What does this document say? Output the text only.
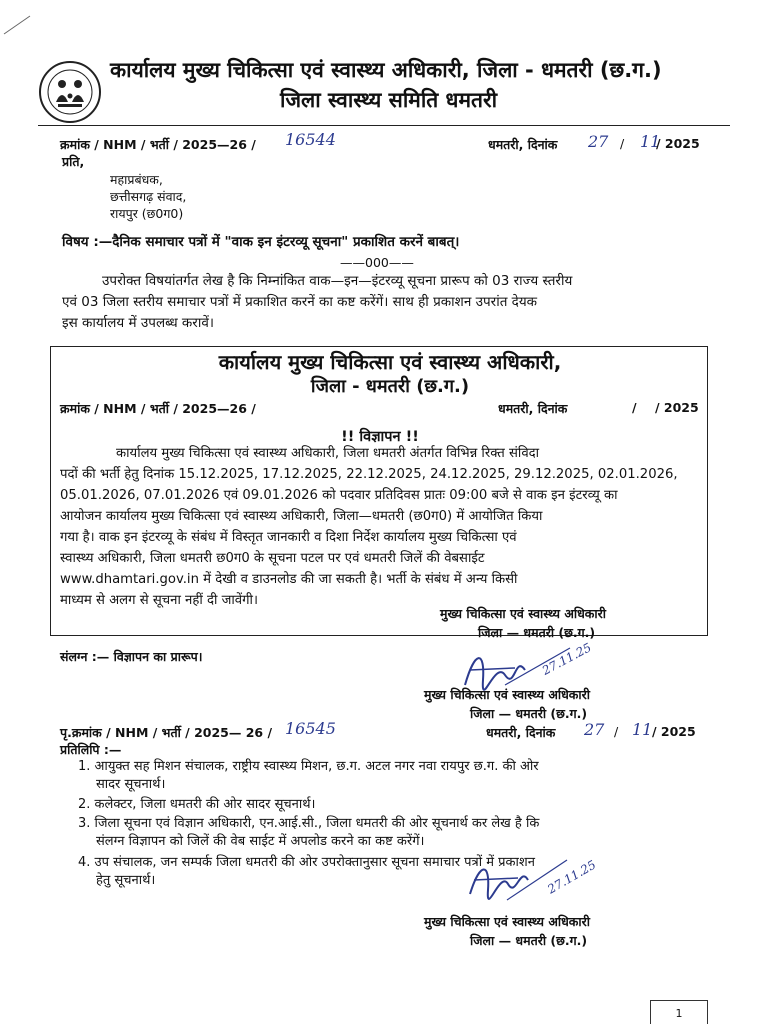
कार्यालय मुख्य चिकित्सा एवं स्वास्थ्य अधिकारी, जिला - धमतरी (छ.ग.)
जिला स्वास्थ्य समिति धमतरी
क्रमांक / NHM / भर्ती / 2025—26 / 16544	धमतरी, दिनांक 27 / 11
/ 2025
प्रति,
महाप्रबंधक,
छत्तीसगढ़ संवाद,
रायपुर (छ0ग0)
विषय :—दैनिक समाचार पत्रों में "वाक इन इंटरव्यू सूचना" प्रकाशित करनें बाबत्।
——000——

उपरोक्त विषयांतर्गत लेख है कि निम्नांकित वाक—इन—इंटरव्यू सूचना प्रारूप को 03 राज्य स्तरीय

एवं 03 जिला स्तरीय समाचार पत्रों में प्रकाशित करनें का कष्ट करेंगें। साथ ही प्रकाशन उपरांत देयक

इस कार्यालय में उपलब्ध करावें।

कार्यालय मुख्य चिकित्सा एवं स्वास्थ्य अधिकारी,
जिला - धमतरी (छ.ग.)
क्रमांक / NHM / भर्ती / 2025—26 /	धमतरी, दिनांक	/ / 2025
!! विज्ञापन !!

कार्यालय मुख्य चिकित्सा एवं स्वास्थ्य अधिकारी, जिला धमतरी अंतर्गत विभिन्न रिक्त संविदा

पदों की भर्ती हेतु दिनांक 15.12.2025, 17.12.2025, 22.12.2025, 24.12.2025, 29.12.2025, 02.01.2026,

05.01.2026, 07.01.2026 एवं 09.01.2026 को पदवार प्रतिदिवस प्रातः 09:00 बजे से वाक इन इंटरव्यू का

आयोजन कार्यालय मुख्य चिकित्सा एवं स्वास्थ्य अधिकारी, जिला—धमतरी (छ0ग0) में आयोजित किया

गया है। वाक इन इंटरव्यू के संबंध में विस्तृत जानकारी व दिशा निर्देश कार्यालय मुख्य चिकित्सा एवं

स्वास्थ्य अधिकारी, जिला धमतरी छ0ग0 के सूचना पटल पर एवं धमतरी जिलें की वेबसाईट

www.dhamtari.gov.in में देखी व डाउनलोड की जा सकती है। भर्ती के संबंध में अन्य किसी

माध्यम से अलग से सूचना नहीं दी जावेंगी।

मुख्य चिकित्सा एवं स्वास्थ्य अधिकारी
जिला — धमतरी (छ.ग.)
संलग्न :— विज्ञापन का प्रारूप।	27.11.25
मुख्य चिकित्सा एवं स्वास्थ्य अधिकारी
जिला — धमतरी (छ.ग.)
पृ.क्रमांक / NHM / भर्ती / 2025— 26 / 16545	धमतरी, दिनांक 27 / 11 / 2025
प्रतिलिपि :—
1. आयुक्त सह मिशन संचालक, राष्ट्रीय स्वास्थ्य मिशन, छ.ग. अटल नगर नवा रायपुर छ.ग. की ओर
सादर सूचनार्थ।
2. कलेक्टर, जिला धमतरी की ओर सादर सूचनार्थ।
3. जिला सूचना एवं विज्ञान अधिकारी, एन.आई.सी., जिला धमतरी की ओर सूचनार्थ कर लेख है कि
संलग्न विज्ञापन को जिलें की वेब साईट में अपलोड करने का कष्ट करेंगें।
4. उप संचालक, जन सम्पर्क जिला धमतरी की ओर उपरोक्तानुसार सूचना समाचार पत्रों में प्रकाशन
हेतु सूचनार्थ।	27.11.25
मुख्य चिकित्सा एवं स्वास्थ्य अधिकारी
जिला — धमतरी (छ.ग.)
1
